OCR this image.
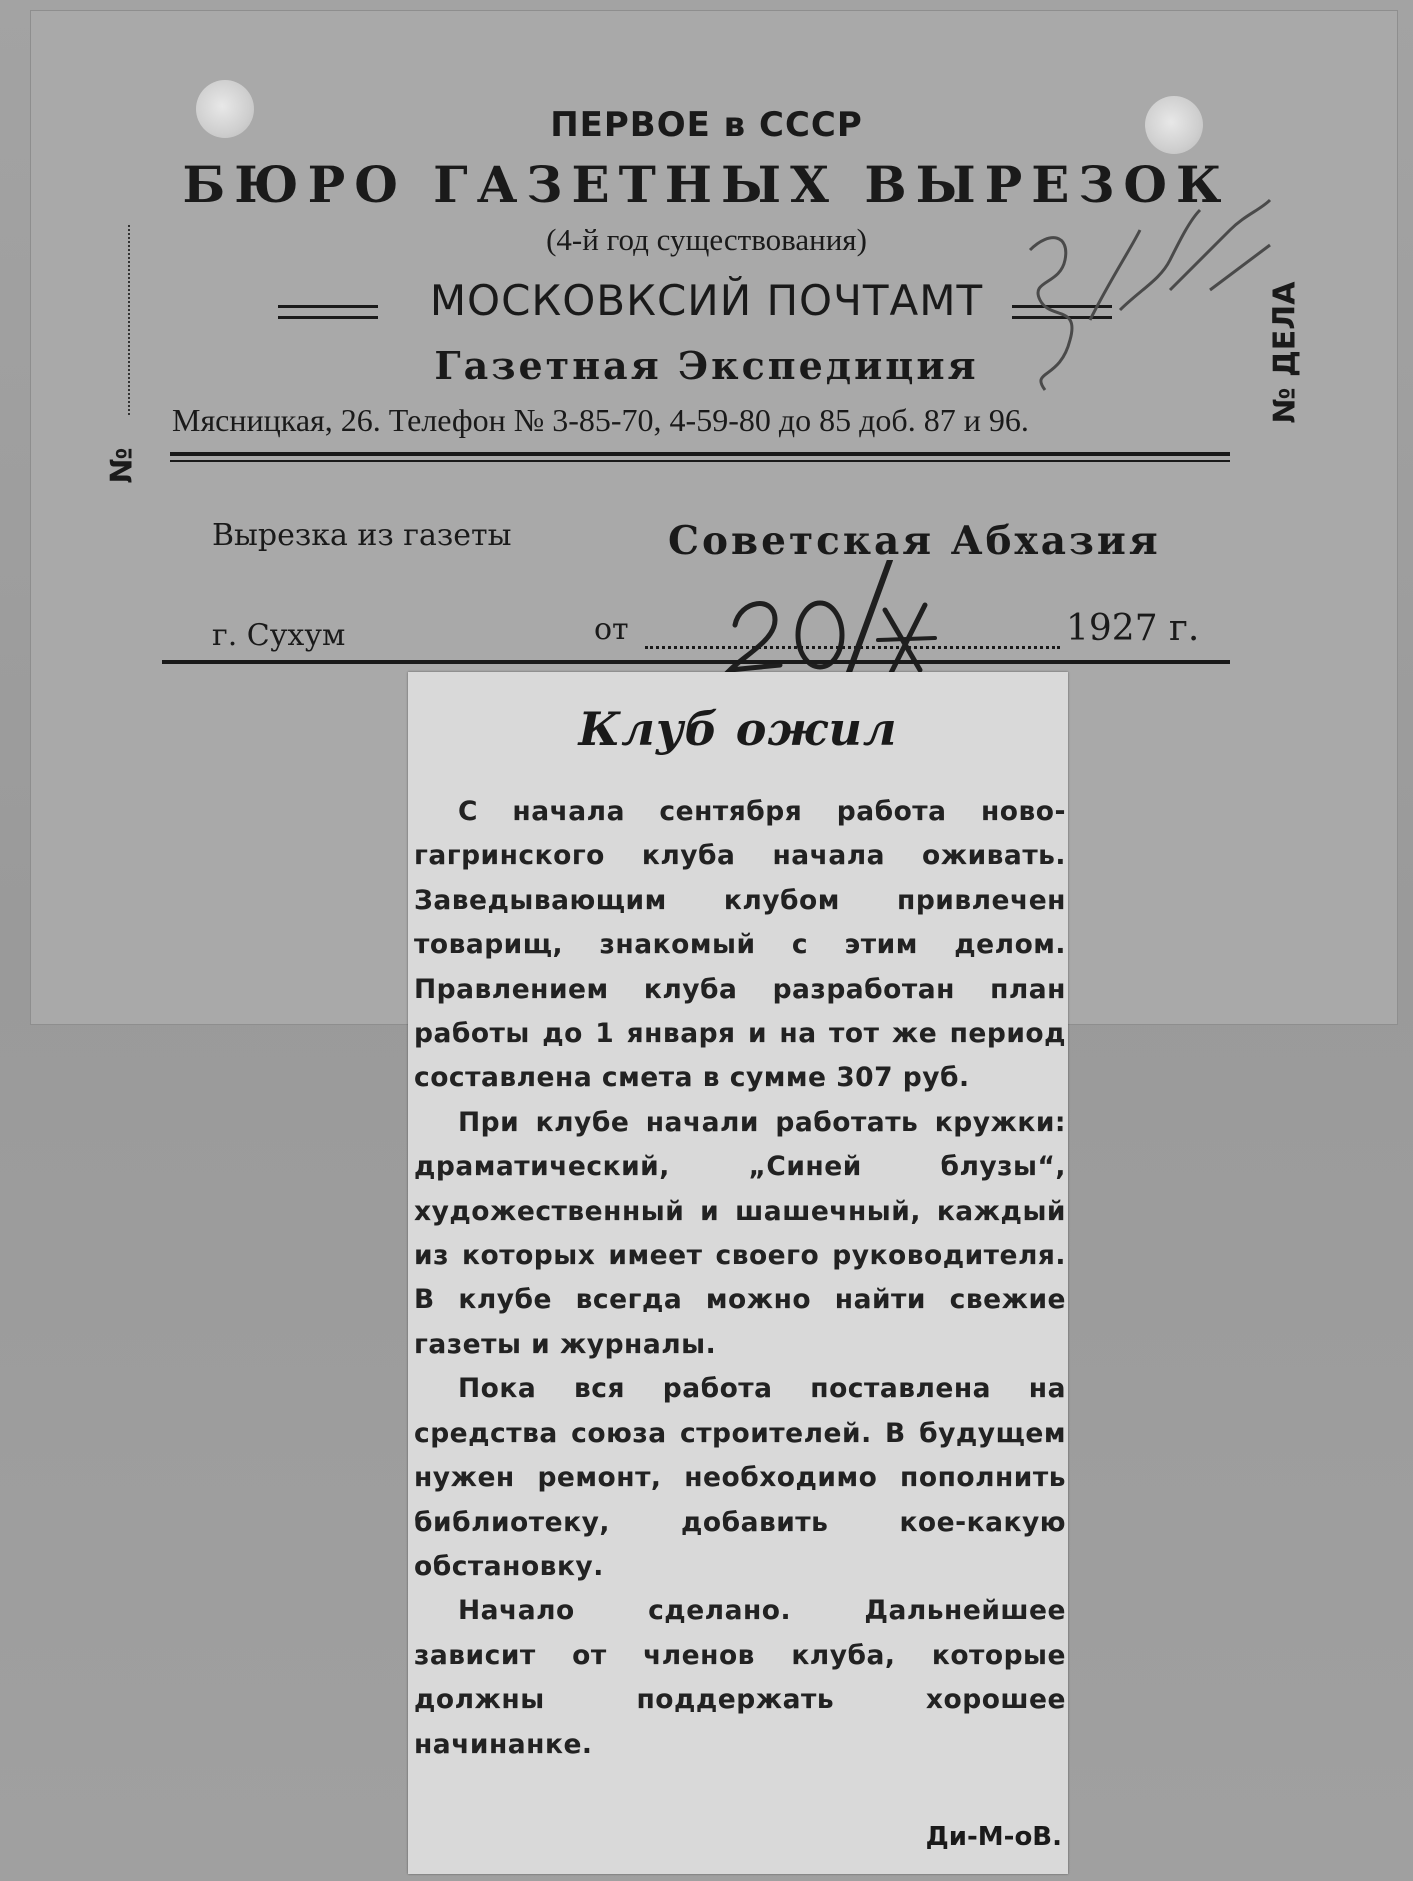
ПЕРВОЕ в СССР
БЮРО ГАЗЕТНЫХ ВЫРЕЗОК
(4-й год существования)
МОСКОВКСИЙ ПОЧТАМТ
Газетная Экспедиция
Мясницкая, 26. Телефон № 3-85-70, 4-59-80 до 85 доб. 87 и 96.
№
№ ДЕЛА
Вырезка из газеты	Советская Абхазия
г. Сухум	от	1927 г.
Клуб ожил

С начала сентября работа ново-гагринского клуба начала оживать. Заведывающим клубом привлечен товарищ, знакомый с этим делом. Правлением клуба разработан план работы до 1 января и на тот же период составлена смета в сумме 307 руб.

При клубе начали работать кружки: драматический, „Синей блузы“, художественный и шашечный, каждый из которых имеет своего руководителя. В клубе всегда можно найти свежие газеты и журналы.

Пока вся работа поставлена на средства союза строителей. В будущем нужен ремонт, необходимо пополнить библиотеку, добавить кое-какую обстановку.

Начало сделано. Дальнейшее зависит от членов клуба, которые должны поддержать хорошее начинанке.

Ди-М-оВ.
